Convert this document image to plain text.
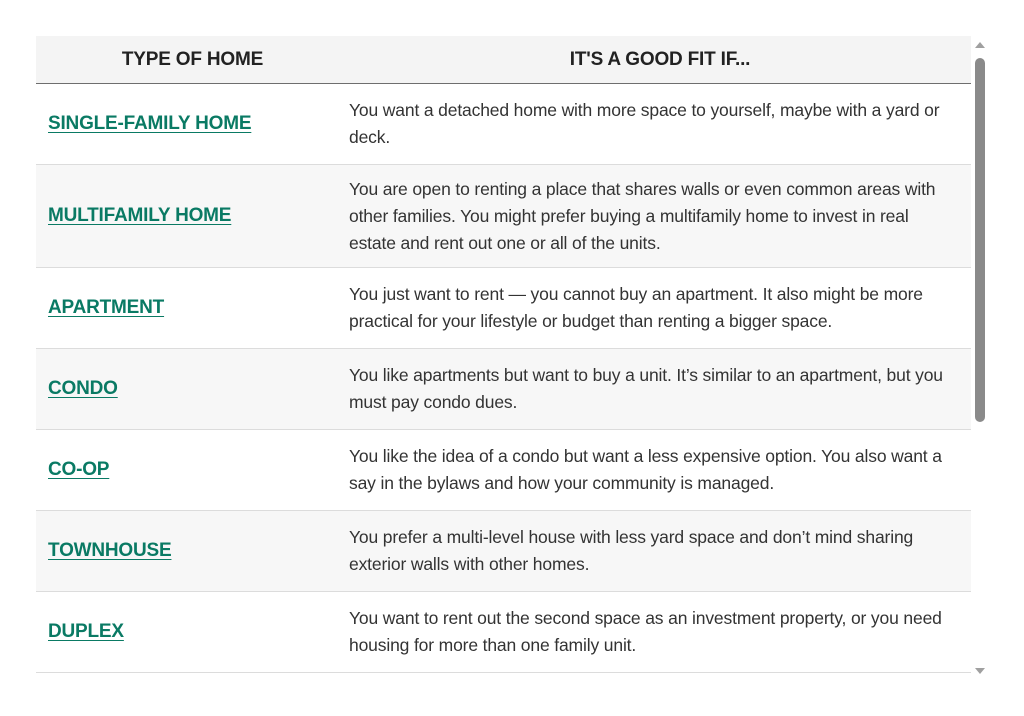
TYPE OF HOME	IT'S A GOOD FIT IF...
SINGLE-FAMILY HOME
You want a detached home with more space to yourself, maybe with a yard or deck.
MULTIFAMILY HOME
You are open to renting a place that shares walls or even common areas with other families. You might prefer buying a multifamily home to invest in real estate and rent out one or all of the units.
APARTMENT
You just want to rent — you cannot buy an apartment. It also might be more practical for your lifestyle or budget than renting a bigger space.
CONDO
You like apartments but want to buy a unit. It’s similar to an apartment, but you must pay condo dues.
CO-OP
You like the idea of a condo but want a less expensive option. You also want a say in the bylaws and how your community is managed.
TOWNHOUSE
You prefer a multi-level house with less yard space and don’t mind sharing exterior walls with other homes.
DUPLEX
You want to rent out the second space as an investment property, or you need housing for more than one family unit.
